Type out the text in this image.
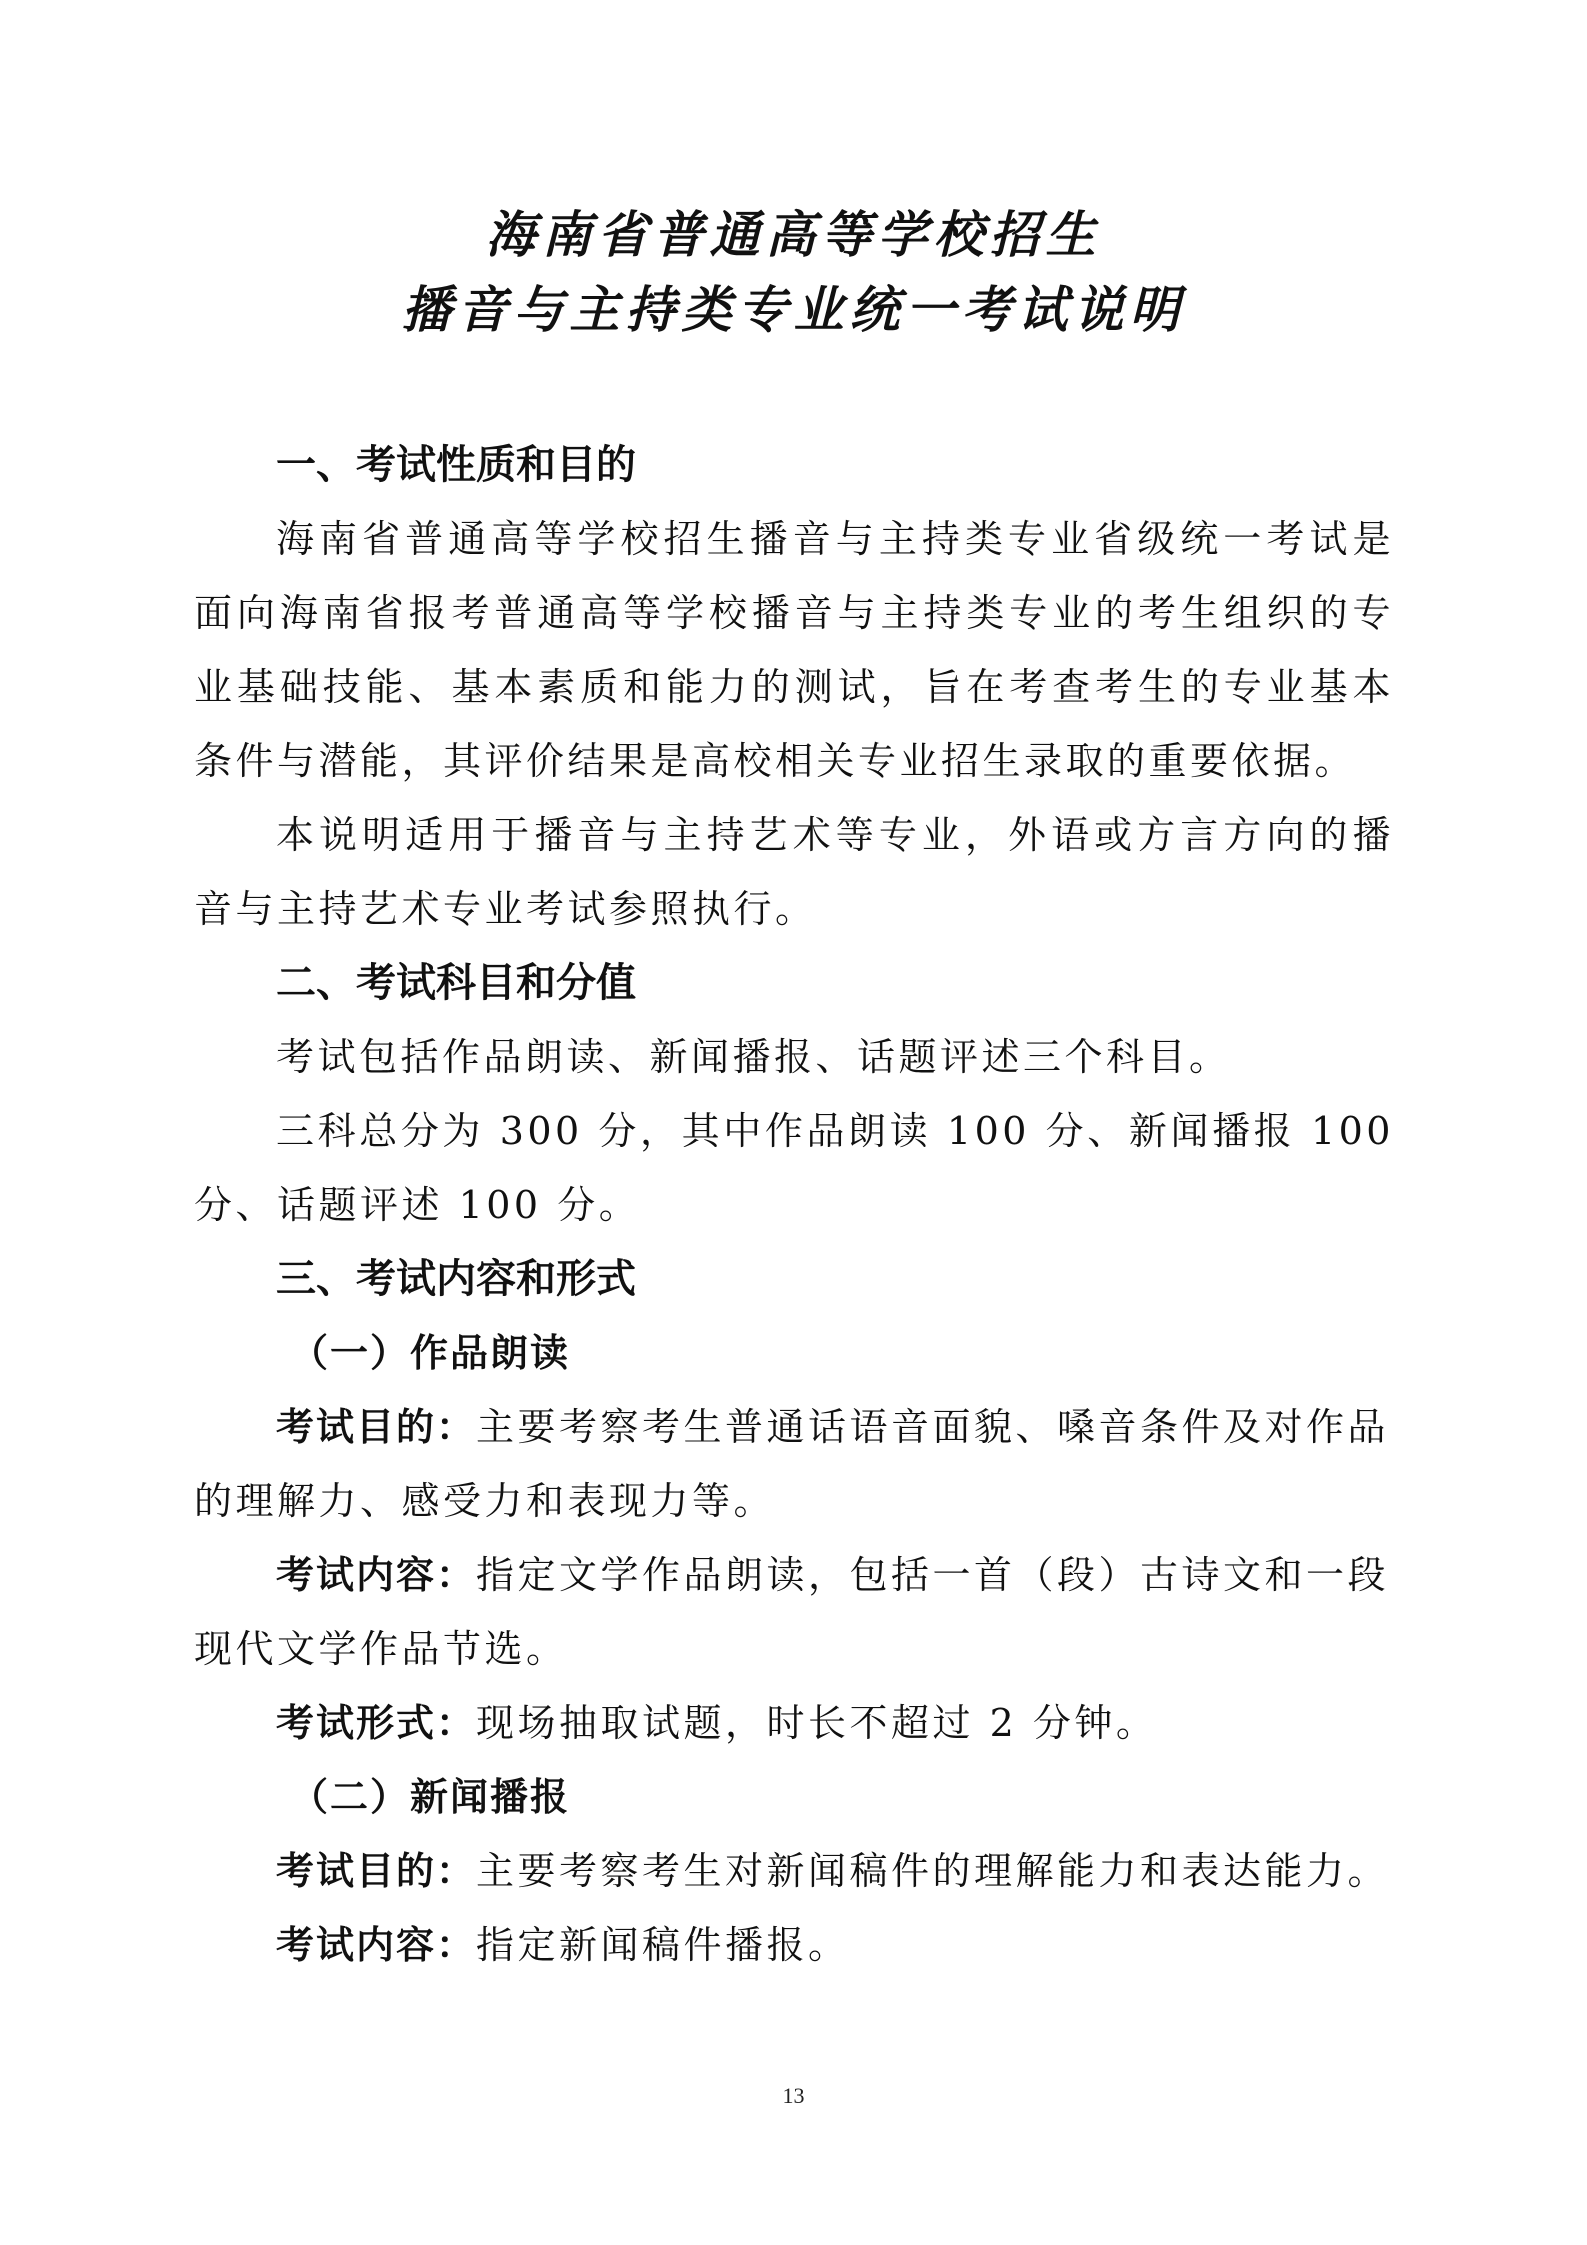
海南省普通高等学校招生
播音与主持类专业统一考试说明
一、考试性质和目的

海南省普通高等学校招生播音与主持类专业省级统一考试是面向海南省报考普通高等学校播音与主持类专业的考生组织的专业基础技能、基本素质和能力的测试，旨在考查考生的专业基本条件与潜能，其评价结果是高校相关专业招生录取的重要依据。

本说明适用于播音与主持艺术等专业，外语或方言方向的播音与主持艺术专业考试参照执行。

二、考试科目和分值

考试包括作品朗读、新闻播报、话题评述三个科目。

三科总分为 300 分，其中作品朗读 100 分、新闻播报 100 分、话题评述 100 分。

三、考试内容和形式
（一）作品朗读

考试目的：主要考察考生普通话语音面貌、嗓音条件及对作品的理解力、感受力和表现力等。

考试内容：指定文学作品朗读，包括一首（段）古诗文和一段现代文学作品节选。

考试形式：现场抽取试题，时长不超过 2 分钟。

（二）新闻播报

考试目的：主要考察考生对新闻稿件的理解能力和表达能力。

考试内容：指定新闻稿件播报。

13
